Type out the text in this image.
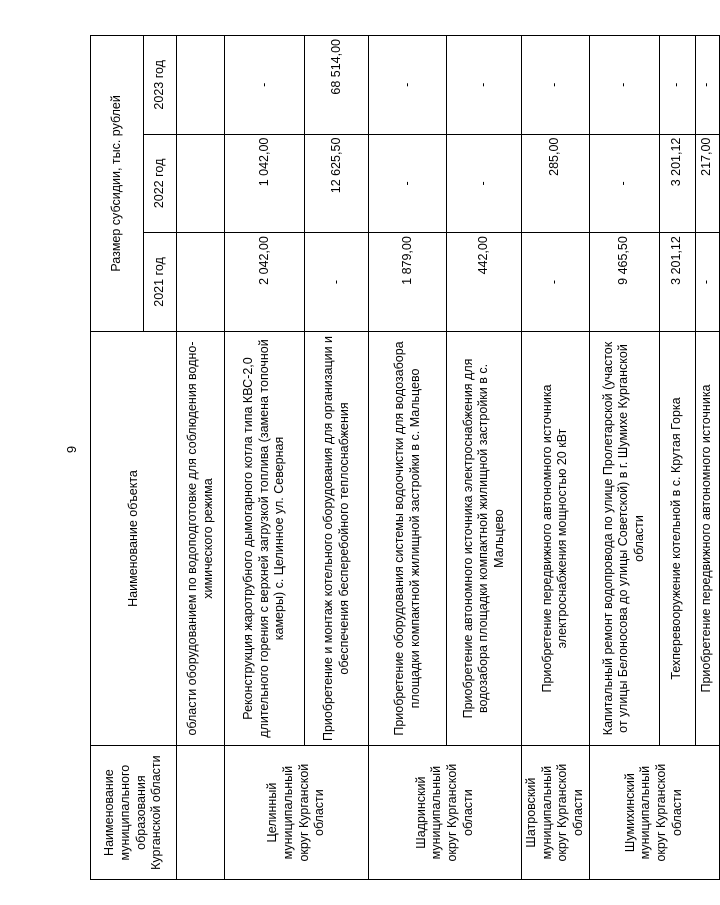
9
Наименование муниципального образования Курганской области	Наименование объекта	Размер субсидии, тыс. рублей		
		2021 год	2022 год	2023 год
	области оборудованием по водоподготовке для соблюдения водно-химического режима			
Целинный муниципальный округ Курганской области	Реконструкция жаротрубного дымогарного котла типа КВС-2,0 длительного горения с верхней загрузкой топлива (замена топочной камеры) с. Целинное ул. Северная	2 042,00	1 042,00	-
	Приобретение и монтаж котельного оборудования для организации и обеспечения бесперебойного теплоснабжения	-	12 625,50	68 514,00
Шадринский муниципальный округ Курганской области	Приобретение оборудования системы водоочистки для водозабора площадки компактной жилищной застройки в с. Мальцево	1 879,00	-	-
	Приобретение автономного источника электроснабжения для водозабора площадки компактной жилищной застройки в с. Мальцево	442,00	-	-
Шатровский муниципальный округ Курганской области	Приобретение передвижного автономного источника электроснабжения мощностью 20 кВт	-	285,00	-
Шумихинский муниципальный округ Курганской области	Капитальный ремонт водопровода по улице Пролетарской (участок от улицы Белоносова до улицы Советской) в г. Шумихе Курганской области	9 465,50	-	-
	Техперевооружение котельной в с. Крутая Горка	3 201,12	3 201,12	-
	Приобретение передвижного автономного источника	-	217,00	-
